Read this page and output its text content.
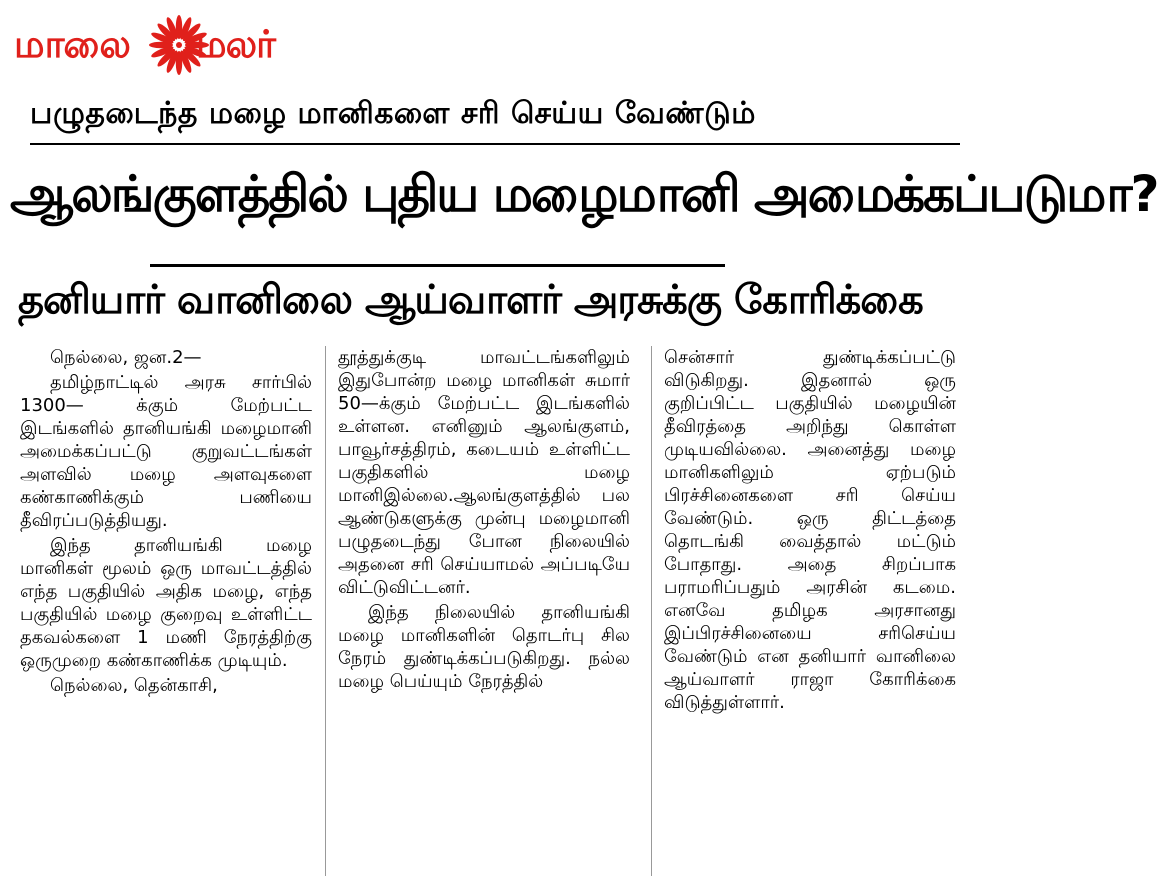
மாலை மலர்
பழுதடைந்த மழை மானிகளை சரி செய்ய வேண்டும்
ஆலங்குளத்தில் புதிய மழைமானி அமைக்கப்படுமா?
தனியார் வானிலை ஆய்வாளர் அரசுக்கு கோரிக்கை

நெல்லை, ஜன.2—

தமிழ்நாட்டில் அரசு சார்பில் 1300— க்கும் மேற்பட்ட இடங்களில் தானியங்கி மழைமானி அமைக்கப்பட்டு குறுவட்டங்கள் அளவில் மழை அளவுகளை கண்காணிக்கும் பணியை தீவிரப்படுத்தியது.

இந்த தானியங்கி மழை மானிகள் மூலம் ஒரு மாவட்டத்தில் எந்த பகுதியில் அதிக மழை, எந்த பகுதியில் மழை குறைவு உள்ளிட்ட தகவல்களை 1 மணி நேரத்திற்கு ஒருமுறை கண்காணிக்க முடியும்.

நெல்லை, தென்காசி,

தூத்துக்குடி மாவட்டங்களிலும் இதுபோன்ற மழை மானிகள் சுமார் 50—க்கும் மேற்பட்ட இடங்களில் உள்ளன. எனினும் ஆலங்குளம், பாவூர்சத்திரம், கடையம் உள்ளிட்ட பகுதிகளில் மழை மானிஇல்லை.ஆலங்குளத்தில் பல ஆண்டுகளுக்கு முன்பு மழைமானி பழுதடைந்து போன நிலையில் அதனை சரி செய்யாமல் அப்படியே விட்டுவிட்டனர்.

இந்த நிலையில் தானியங்கி மழை மானிகளின் தொடர்பு சில நேரம் துண்டிக்கப்படுகிறது. நல்ல மழை பெய்யும் நேரத்தில்

சென்சார் துண்டிக்கப்பட்டு விடுகிறது. இதனால் ஒரு குறிப்பிட்ட பகுதியில் மழையின் தீவிரத்தை அறிந்து கொள்ள முடியவில்லை. அனைத்து மழை மானிகளிலும் ஏற்படும் பிரச்சினைகளை சரி செய்ய வேண்டும். ஒரு திட்டத்தை தொடங்கி வைத்தால் மட்டும் போதாது. அதை சிறப்பாக பராமரிப்பதும் அரசின் கடமை. எனவே தமிழக அரசானது இப்பிரச்சினையை சரிசெய்ய வேண்டும் என தனியார் வானிலை ஆய்வாளர் ராஜா கோரிக்கை விடுத்துள்ளார்.
